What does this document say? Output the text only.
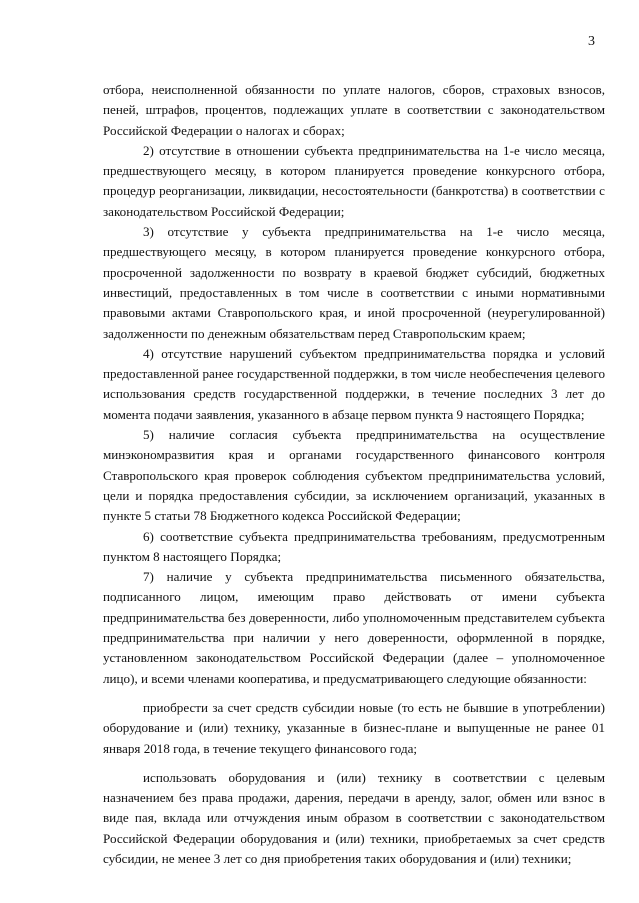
3

отбора, неисполненной обязанности по уплате налогов, сборов, страховых взносов, пеней, штрафов, процентов, подлежащих уплате в соответствии с законодательством Российской Федерации о налогах и сборах;

2) отсутствие в отношении субъекта предпринимательства на 1-е число месяца, предшествующего месяцу, в котором планируется проведение конкурсного отбора, процедур реорганизации, ликвидации, несостоятельности (банкротства) в соответствии с законодательством Российской Федерации;

3) отсутствие у субъекта предпринимательства на 1-е число месяца, предшествующего месяцу, в котором планируется проведение конкурсного отбора, просроченной задолженности по возврату в краевой бюджет субсидий, бюджетных инвестиций, предоставленных в том числе в соответствии с иными нормативными правовыми актами Ставропольского края, и иной просроченной (неурегулированной) задолженности по денежным обязательствам перед Ставропольским краем;

4) отсутствие нарушений субъектом предпринимательства порядка и условий предоставленной ранее государственной поддержки, в том числе необеспечения целевого использования средств государственной поддержки, в течение последних 3 лет до момента подачи заявления, указанного в абзаце первом пункта 9 настоящего Порядка;

5) наличие согласия субъекта предпринимательства на осуществление минэкономразвития края и органами государственного финансового контроля Ставропольского края проверок соблюдения субъектом предпринимательства условий, цели и порядка предоставления субсидии, за исключением организаций, указанных в пункте 5 статьи 78 Бюджетного кодекса Российской Федерации;

6) соответствие субъекта предпринимательства требованиям, предусмотренным пунктом 8 настоящего Порядка;

7) наличие у субъекта предпринимательства письменного обязательства, подписанного лицом, имеющим право действовать от имени субъекта предпринимательства без доверенности, либо уполномоченным представителем субъекта предпринимательства при наличии у него доверенности, оформленной в порядке, установленном законодательством Российской Федерации (далее – уполномоченное лицо), и всеми членами кооператива, и предусматривающего следующие обязанности:

приобрести за счет средств субсидии новые (то есть не бывшие в употреблении) оборудование и (или) технику, указанные в бизнес-плане и выпущенные не ранее 01 января 2018 года, в течение текущего финансового года;

использовать оборудования и (или) технику в соответствии с целевым назначением без права продажи, дарения, передачи в аренду, залог, обмен или взнос в виде пая, вклада или отчуждения иным образом в соответствии с законодательством Российской Федерации оборудования и (или) техники, приобретаемых за счет средств субсидии, не менее 3 лет со дня приобретения таких оборудования и (или) техники;
